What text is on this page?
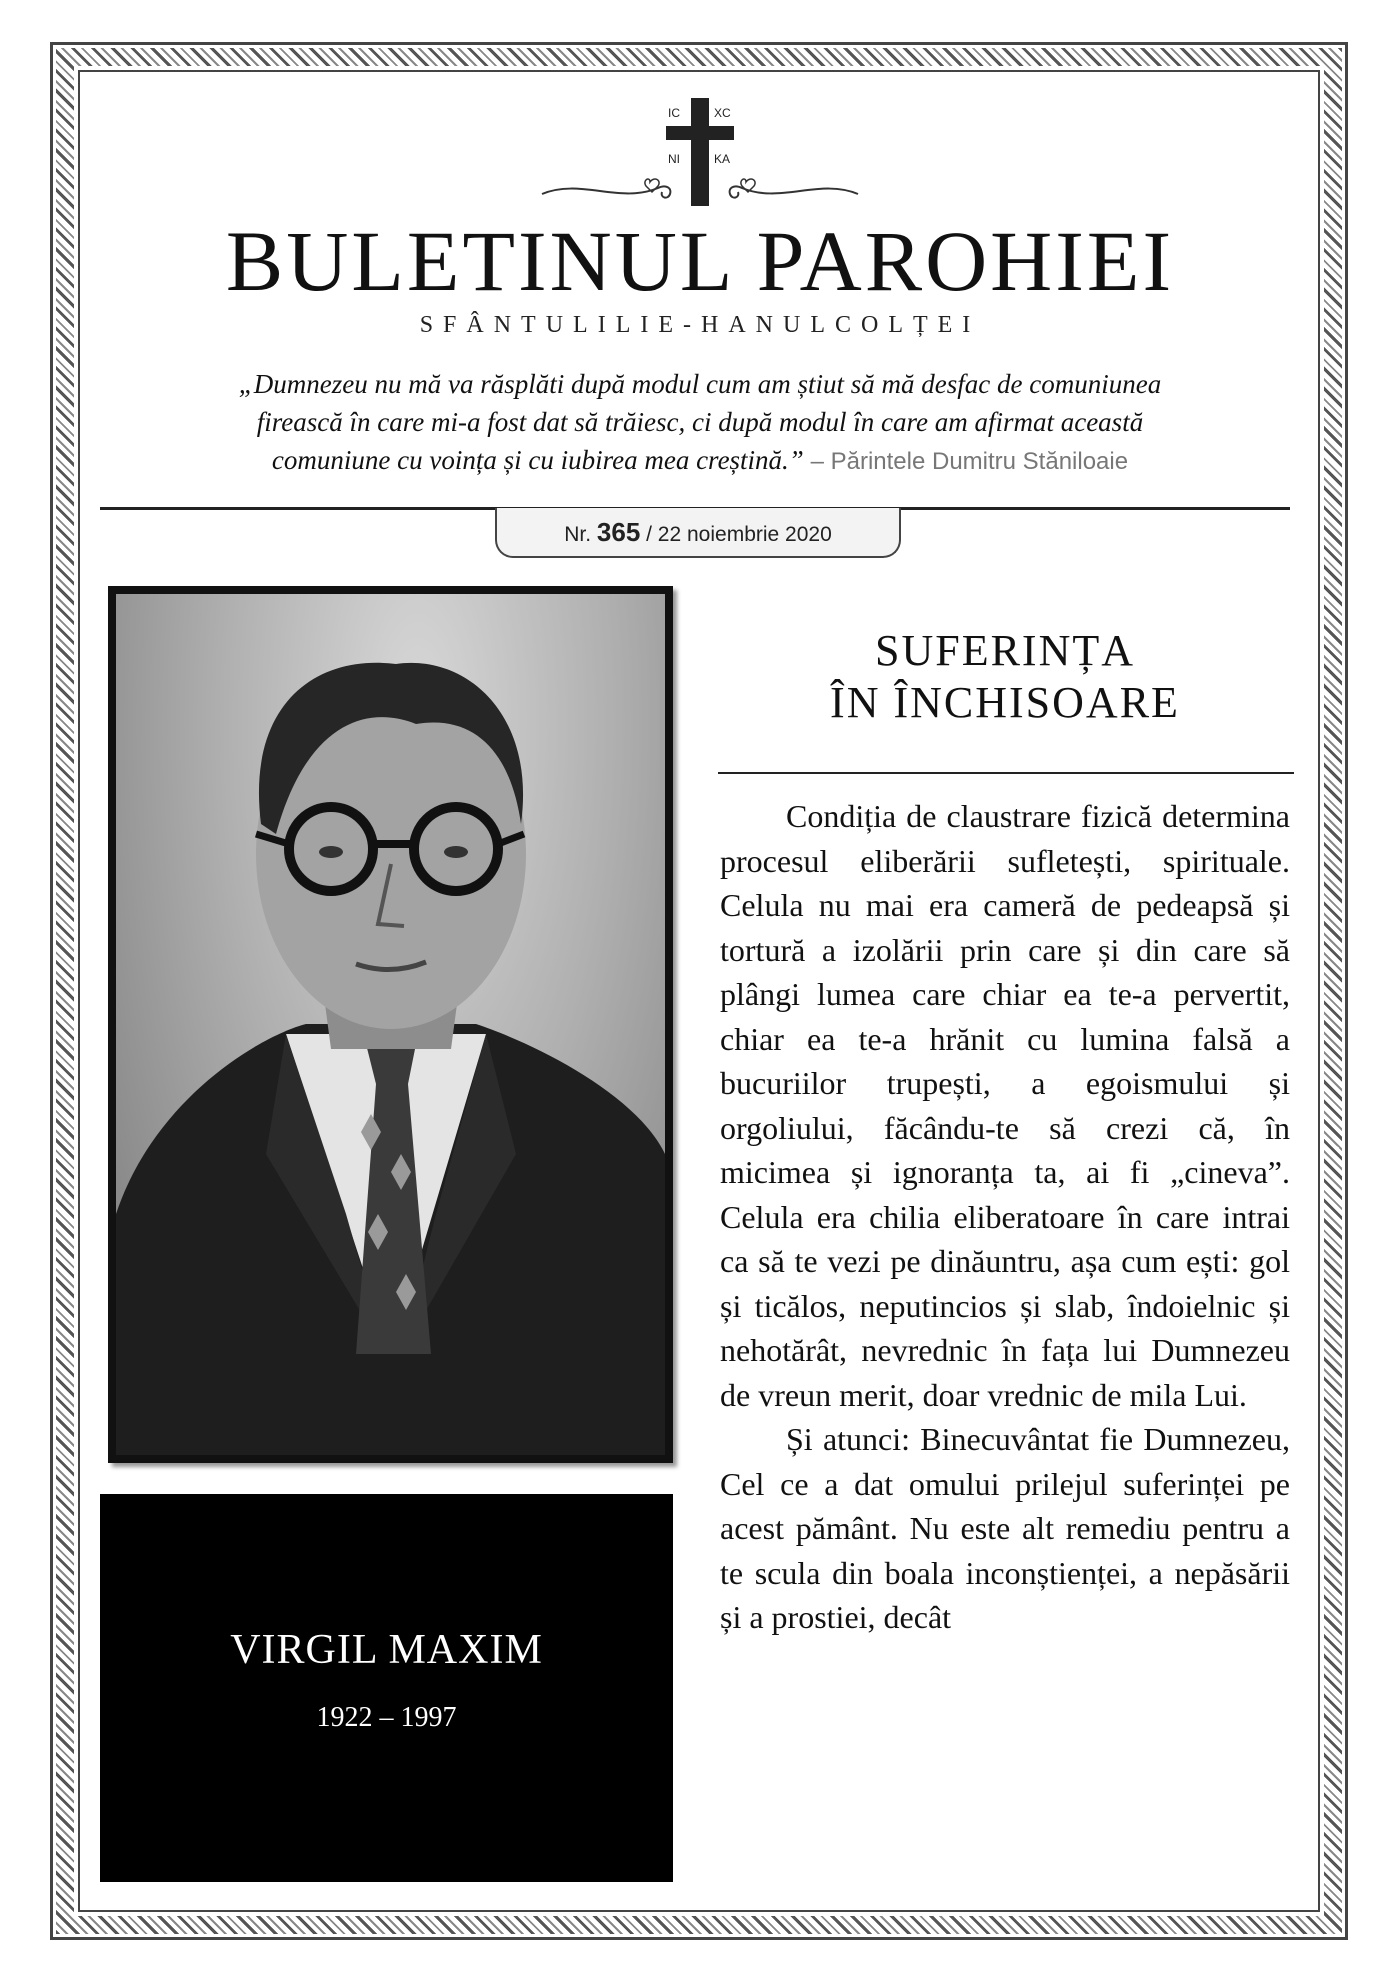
IC	XC
NI	KA
BULETINUL PAROHIEI
SFÂNTULILIE-HANULCOLȚEI
„Dumnezeu nu mă va răsplăti după modul cum am știut să mă desfac de comuniunea
firească în care mi-a fost dat să trăiesc, ci după modul în care am afirmat această
comuniune cu voința și cu iubirea mea creștină.” – Părintele Dumitru Stăniloaie
Nr. 365 / 22 noiembrie 2020
VIRGIL MAXIM
1922 – 1997
SUFERINȚA
ÎN ÎNCHISOARE

Condiția de claustrare fizică determina procesul eliberării sufletești, spirituale. Celula nu mai era cameră de pedeapsă și tortură a izolării prin care și din care să plângi lumea care chiar ea te-a pervertit, chiar ea te-a hrănit cu lumina falsă a bucuriilor trupești, a egoismului și orgoliului, făcându-te să crezi că, în micimea și ignoranța ta, ai fi „cineva”. Celula era chilia eliberatoare în care intrai ca să te vezi pe dinăuntru, așa cum ești: gol și ticălos, neputincios și slab, îndoielnic și nehotărât, nevrednic în fața lui Dumnezeu de vreun merit, doar vrednic de mila Lui.

Și atunci: Binecuvântat fie Dumnezeu, Cel ce a dat omului prilejul suferinței pe acest pământ. Nu este alt remediu pentru a te scula din boala inconștienței, a nepăsării și a prostiei, decât
